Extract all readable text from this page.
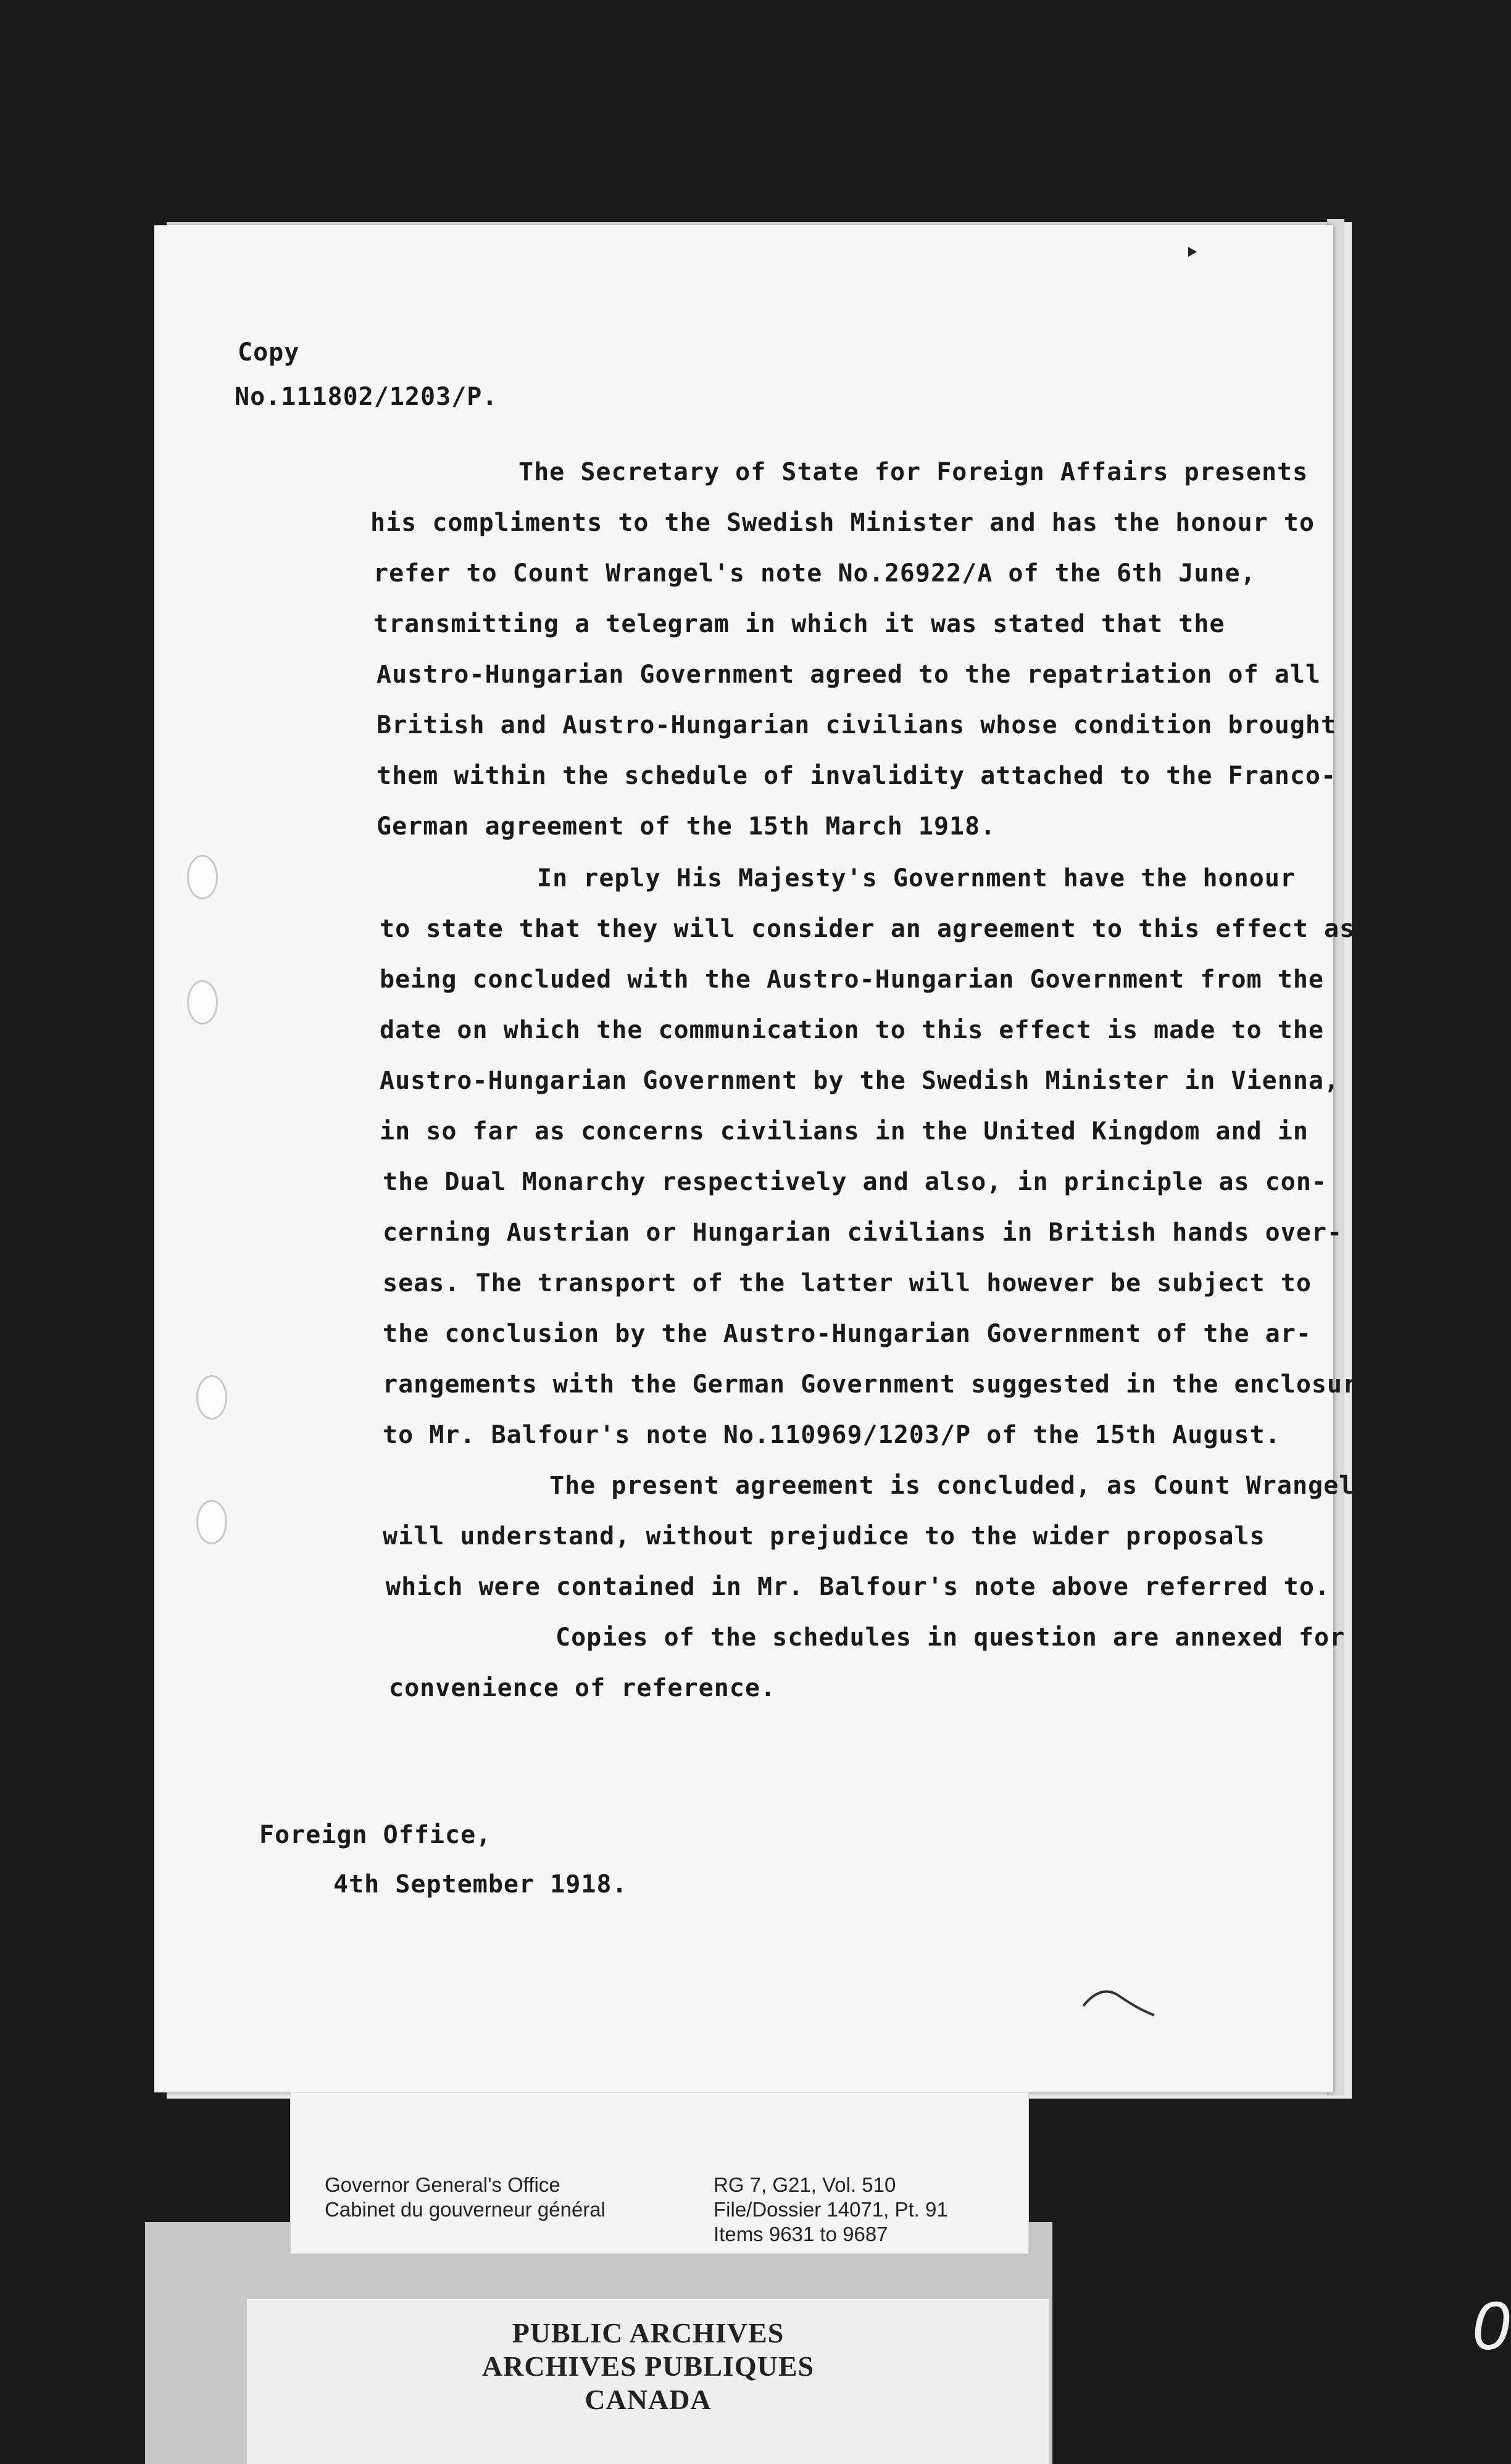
Copy
No.111802/1203/P.
The Secretary of State for Foreign Affairs presents
his compliments to the Swedish Minister and has the honour to
refer to Count Wrangel's note No.26922/A of the 6th June,
transmitting a telegram in which it was stated that the
Austro-Hungarian Government agreed to the repatriation of all
British and Austro-Hungarian civilians whose condition brought
them within the schedule of invalidity attached to the Franco-
German agreement of the 15th March 1918.
In reply His Majesty's Government have the honour
to state that they will consider an agreement to this effect as
being concluded with the Austro-Hungarian Government from the
date on which the communication to this effect is made to the
Austro-Hungarian Government by the Swedish Minister in Vienna,
in so far as concerns civilians in the United Kingdom and in
the Dual Monarchy respectively and also, in principle as con-
cerning Austrian or Hungarian civilians in British hands over-
seas. The transport of the latter will however be subject to
the conclusion by the Austro-Hungarian Government of the ar-
rangements with the German Government suggested in the enclosure
to Mr. Balfour's note No.110969/1203/P of the 15th August.
The present agreement is concluded, as Count Wrangel
will understand, without prejudice to the wider proposals
which were contained in Mr. Balfour's note above referred to.
Copies of the schedules in question are annexed for
convenience of reference.
Foreign Office,
4th September 1918.
PUBLIC ARCHIVES
ARCHIVES PUBLIQUES
CANADA
Governor General's Office
Cabinet du gouverneur général
RG 7, G21, Vol. 510
File/Dossier 14071, Pt. 91
Items 9631 to 9687
0
